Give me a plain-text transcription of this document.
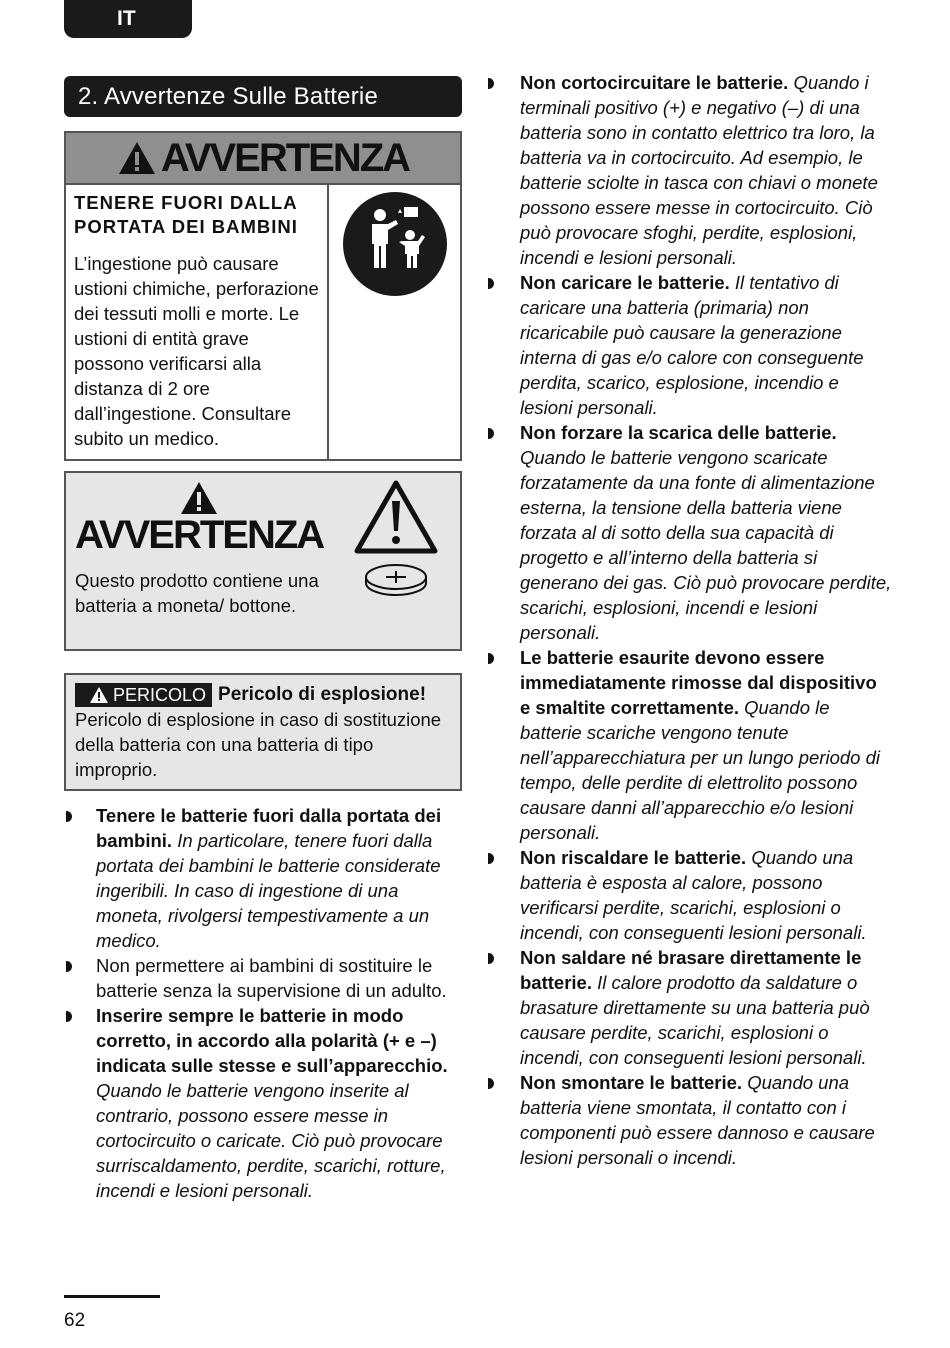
IT
2. Avvertenze Sulle Batterie
AVVERTENZA
TENERE FUORI DALLA
PORTATA DEI BAMBINI
L’ingestione può causare ustioni chimiche, perforazione dei tessuti molli e morte. Le ustioni di entità grave possono verificarsi alla distanza di 2 ore dall’ingestione. Consultare subito un medico.
AVVERTENZA
Questo prodotto contiene una batteria a moneta/ bottone.
PERICOLO Pericolo di esplosione!
Pericolo di esplosione in caso di sostituzione della batteria con una batteria di tipo improprio.
Tenere le batterie fuori dalla portata dei bambini. In particolare, tenere fuori dalla portata dei bambini le batterie considerate ingeribili. In caso di ingestione di una moneta, rivolgersi tempestivamente a un medico.
Non permettere ai bambini di sostituire le batterie senza la supervisione di un adulto.
Inserire sempre le batterie in modo corretto, in accordo alla polarità (+ e –) indicata sulle stesse e sull’apparecchio. Quando le batterie vengono inserite al contrario, possono essere messe in cortocircuito o caricate. Ciò può provocare surriscaldamento, perdite, scarichi, rotture, incendi e lesioni personali.
Non cortocircuitare le batterie. Quando i terminali positivo (+) e negativo (–) di una batteria sono in contatto elettrico tra loro, la batteria va in cortocircuito. Ad esempio, le batterie sciolte in tasca con chiavi o monete possono essere messe in cortocircuito. Ciò può provocare sfoghi, perdite, esplosioni, incendi e lesioni personali.
Non caricare le batterie. Il tentativo di caricare una batteria (primaria) non ricaricabile può causare la generazione interna di gas e/o calore con conseguente perdita, scarico, esplosione, incendio e lesioni personali.
Non forzare la scarica delle batterie. Quando le batterie vengono scaricate forzatamente da una fonte di alimentazione esterna, la tensione della batteria viene forzata al di sotto della sua capacità di progetto e all’interno della batteria si generano dei gas. Ciò può provocare perdite, scarichi, esplosioni, incendi e lesioni personali.
Le batterie esaurite devono essere immediatamente rimosse dal dispositivo e smaltite correttamente. Quando le batterie scariche vengono tenute nell’apparecchiatura per un lungo periodo di tempo, delle perdite di elettrolito possono causare danni all’apparecchio e/o lesioni personali.
Non riscaldare le batterie. Quando una batteria è esposta al calore, possono verificarsi perdite, scarichi, esplosioni o incendi, con conseguenti lesioni personali.
Non saldare né brasare direttamente le batterie. Il calore prodotto da saldature o brasature direttamente su una batteria può causare perdite, scarichi, esplosioni o incendi, con conseguenti lesioni personali.
Non smontare le batterie. Quando una batteria viene smontata, il contatto con i componenti può essere dannoso e causare lesioni personali o incendi.
62
